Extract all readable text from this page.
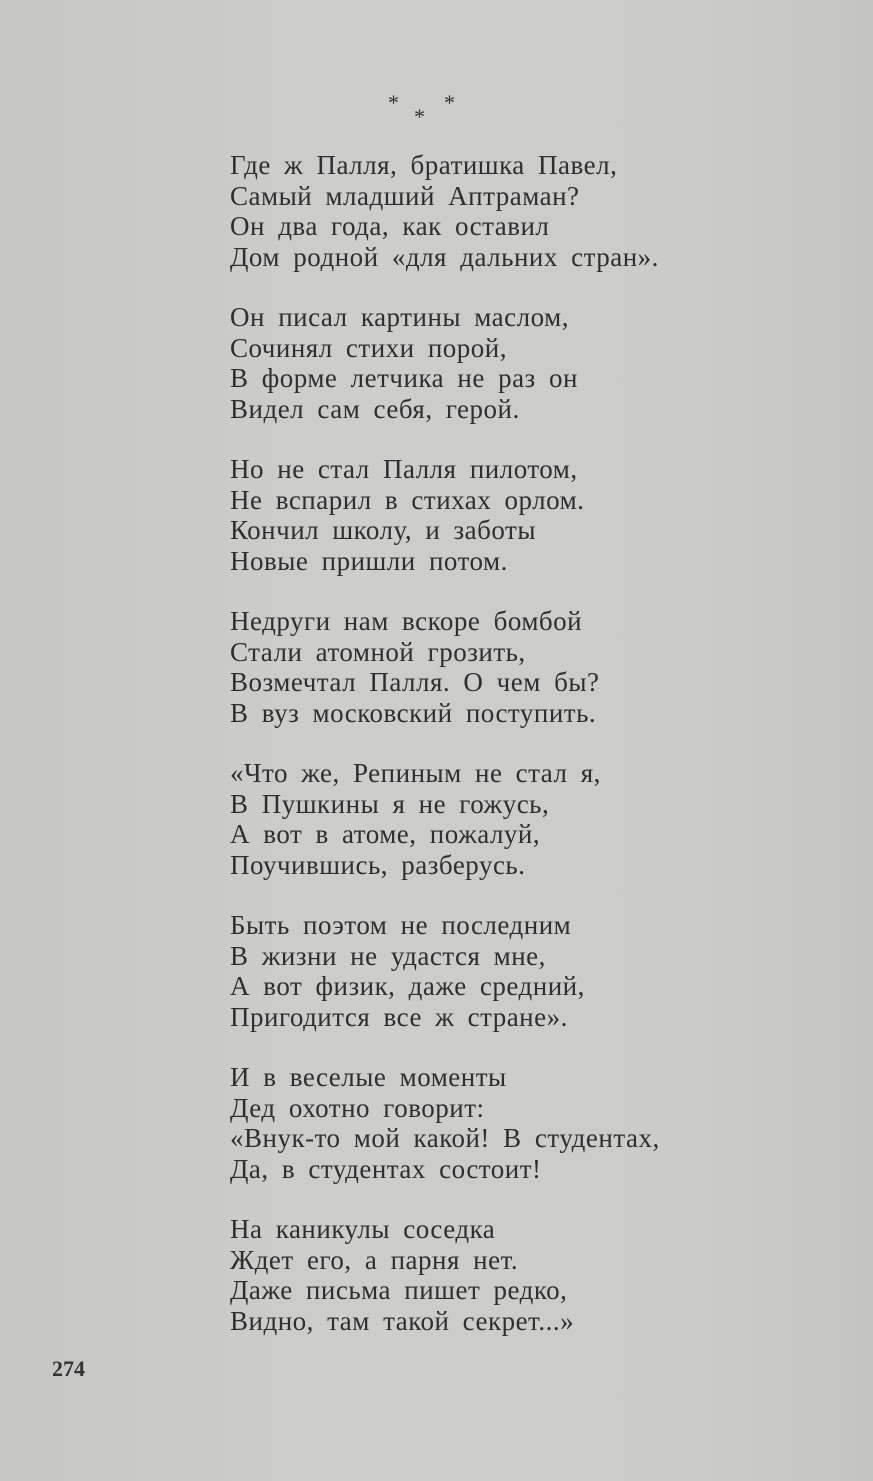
*
*
*
Где ж Палля, братишка Павел,
Самый младший Аптраман?
Он два года, как оставил
Дом родной «для дальних стран».
Он писал картины маслом,
Сочинял стихи порой,
В форме летчика не раз он
Видел сам себя, герой.
Но не стал Палля пилотом,
Не вспарил в стихах орлом.
Кончил школу, и заботы
Новые пришли потом.
Недруги нам вскоре бомбой
Стали атомной грозить,
Возмечтал Палля. О чем бы?
В вуз московский поступить.
«Что же, Репиным не стал я,
В Пушкины я не гожусь,
А вот в атоме, пожалуй,
Поучившись, разберусь.
Быть поэтом не последним
В жизни не удастся мне,
А вот физик, даже средний,
Пригодится все ж стране».
И в веселые моменты
Дед охотно говорит:
«Внук-то мой какой! В студентах,
Да, в студентах состоит!
На каникулы соседка
Ждет его, а парня нет.
Даже письма пишет редко,
Видно, там такой секрет...»
274
